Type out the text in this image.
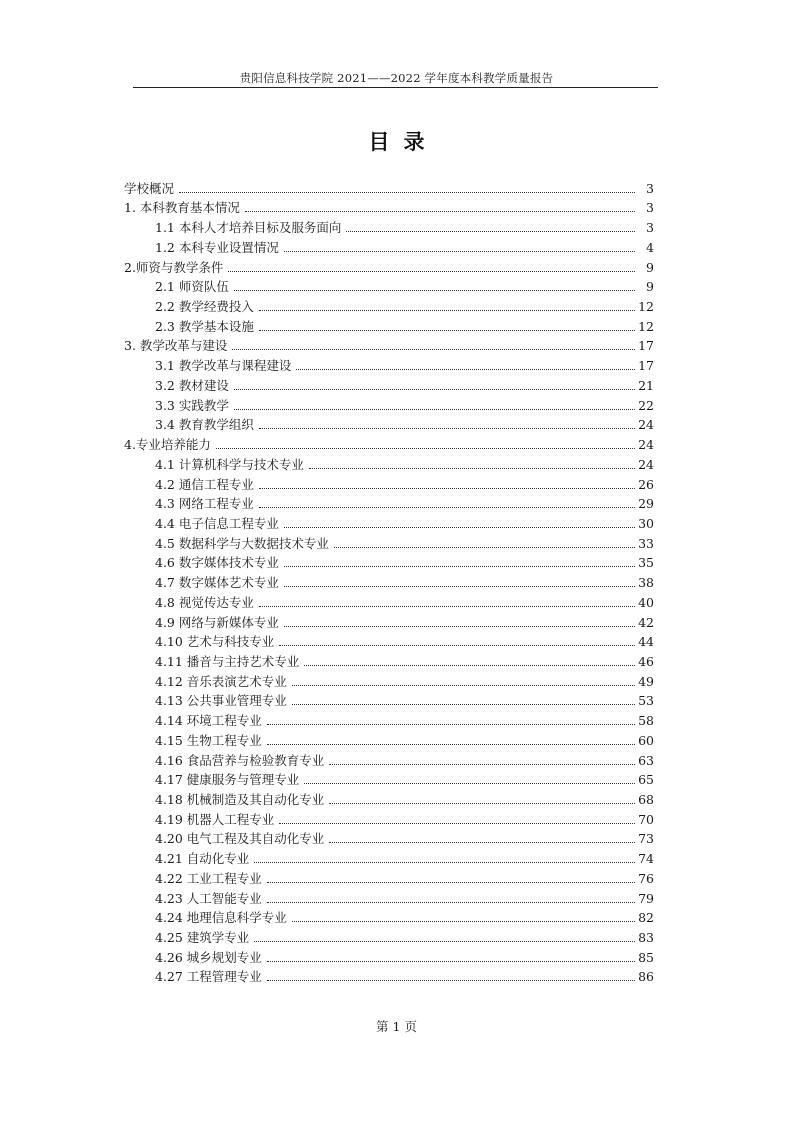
贵阳信息科技学院 2021——2022 学年度本科教学质量报告
目录
学校概况	3
1. 本科教育基本情况	3
1.1 本科人才培养目标及服务面向	3
1.2 本科专业设置情况	4
2.师资与教学条件	9
2.1 师资队伍	9
2.2 教学经费投入	12
2.3 教学基本设施	12
3. 教学改革与建设	17
3.1 教学改革与课程建设	17
3.2 教材建设	21
3.3 实践教学	22
3.4 教育教学组织	24
4.专业培养能力	24
4.1 计算机科学与技术专业	24
4.2 通信工程专业	26
4.3 网络工程专业	29
4.4 电子信息工程专业	30
4.5 数据科学与大数据技术专业	33
4.6 数字媒体技术专业	35
4.7 数字媒体艺术专业	38
4.8 视觉传达专业	40
4.9 网络与新媒体专业	42
4.10 艺术与科技专业	44
4.11 播音与主持艺术专业	46
4.12 音乐表演艺术专业	49
4.13 公共事业管理专业	53
4.14 环境工程专业	58
4.15 生物工程专业	60
4.16 食品营养与检验教育专业	63
4.17 健康服务与管理专业	65
4.18 机械制造及其自动化专业	68
4.19 机器人工程专业	70
4.20 电气工程及其自动化专业	73
4.21 自动化专业	74
4.22 工业工程专业	76
4.23 人工智能专业	79
4.24 地理信息科学专业	82
4.25 建筑学专业	83
4.26 城乡规划专业	85
4.27 工程管理专业	86
第 1 页
